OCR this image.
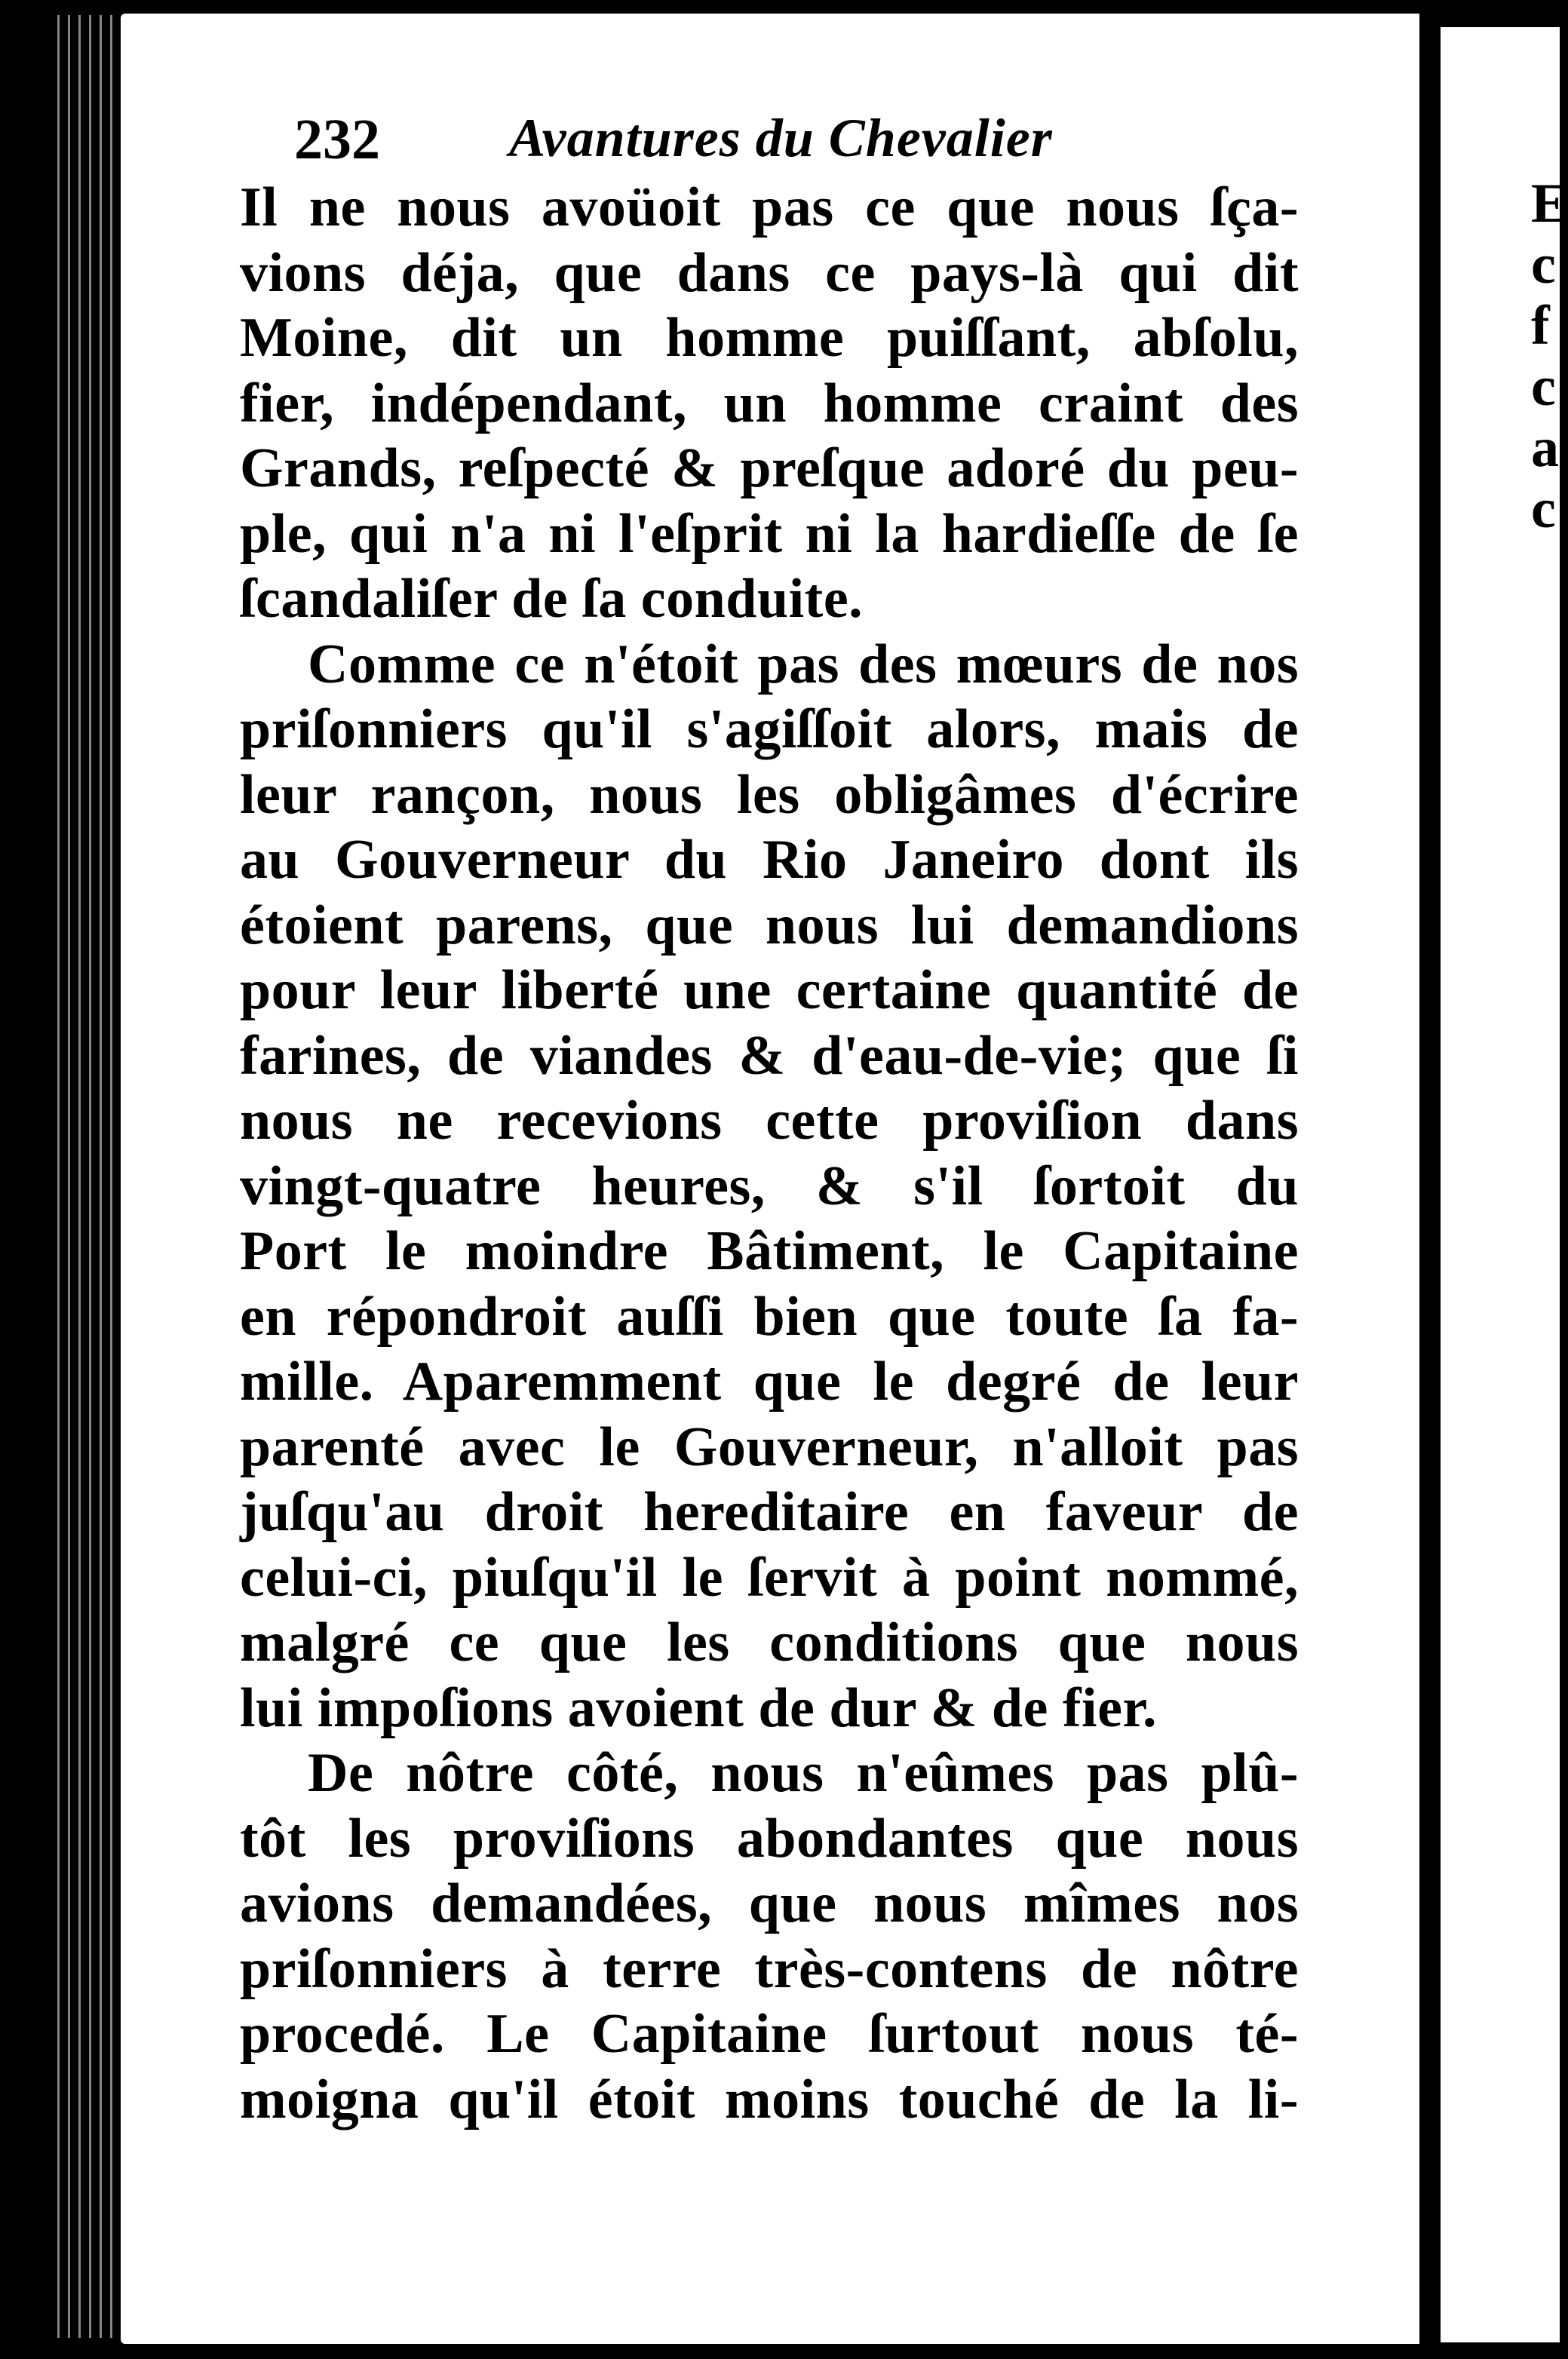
E
c
f
c
a
c
232 Avantures du Chevalier
Il ne nous avoüoit pas ce que nous ſça-
vions déja, que dans ce pays-là qui dit
Moine, dit un homme puiſſant, abſolu,
fier, indépendant, un homme craint des
Grands, reſpecté & preſque adoré du peu-
ple, qui n'a ni l'eſprit ni la hardieſſe de ſe
ſcandaliſer de ſa conduite.
Comme ce n'étoit pas des mœurs de nos
priſonniers qu'il s'agiſſoit alors, mais de
leur rançon, nous les obligâmes d'écrire
au Gouverneur du Rio Janeiro dont ils
étoient parens, que nous lui demandions
pour leur liberté une certaine quantité de
farines, de viandes & d'eau-de-vie; que ſi
nous ne recevions cette proviſion dans
vingt-quatre heures, & s'il ſortoit du
Port le moindre Bâtiment, le Capitaine
en répondroit auſſi bien que toute ſa fa-
mille. Aparemment que le degré de leur
parenté avec le Gouverneur, n'alloit pas
juſqu'au droit hereditaire en faveur de
celui-ci, piuſqu'il le ſervit à point nommé,
malgré ce que les conditions que nous
lui impoſions avoient de dur & de fier.
De nôtre côté, nous n'eûmes pas plû-
tôt les proviſions abondantes que nous
avions demandées, que nous mîmes nos
priſonniers à terre très-contens de nôtre
procedé. Le Capitaine ſurtout nous té-
moigna qu'il étoit moins touché de la li-
